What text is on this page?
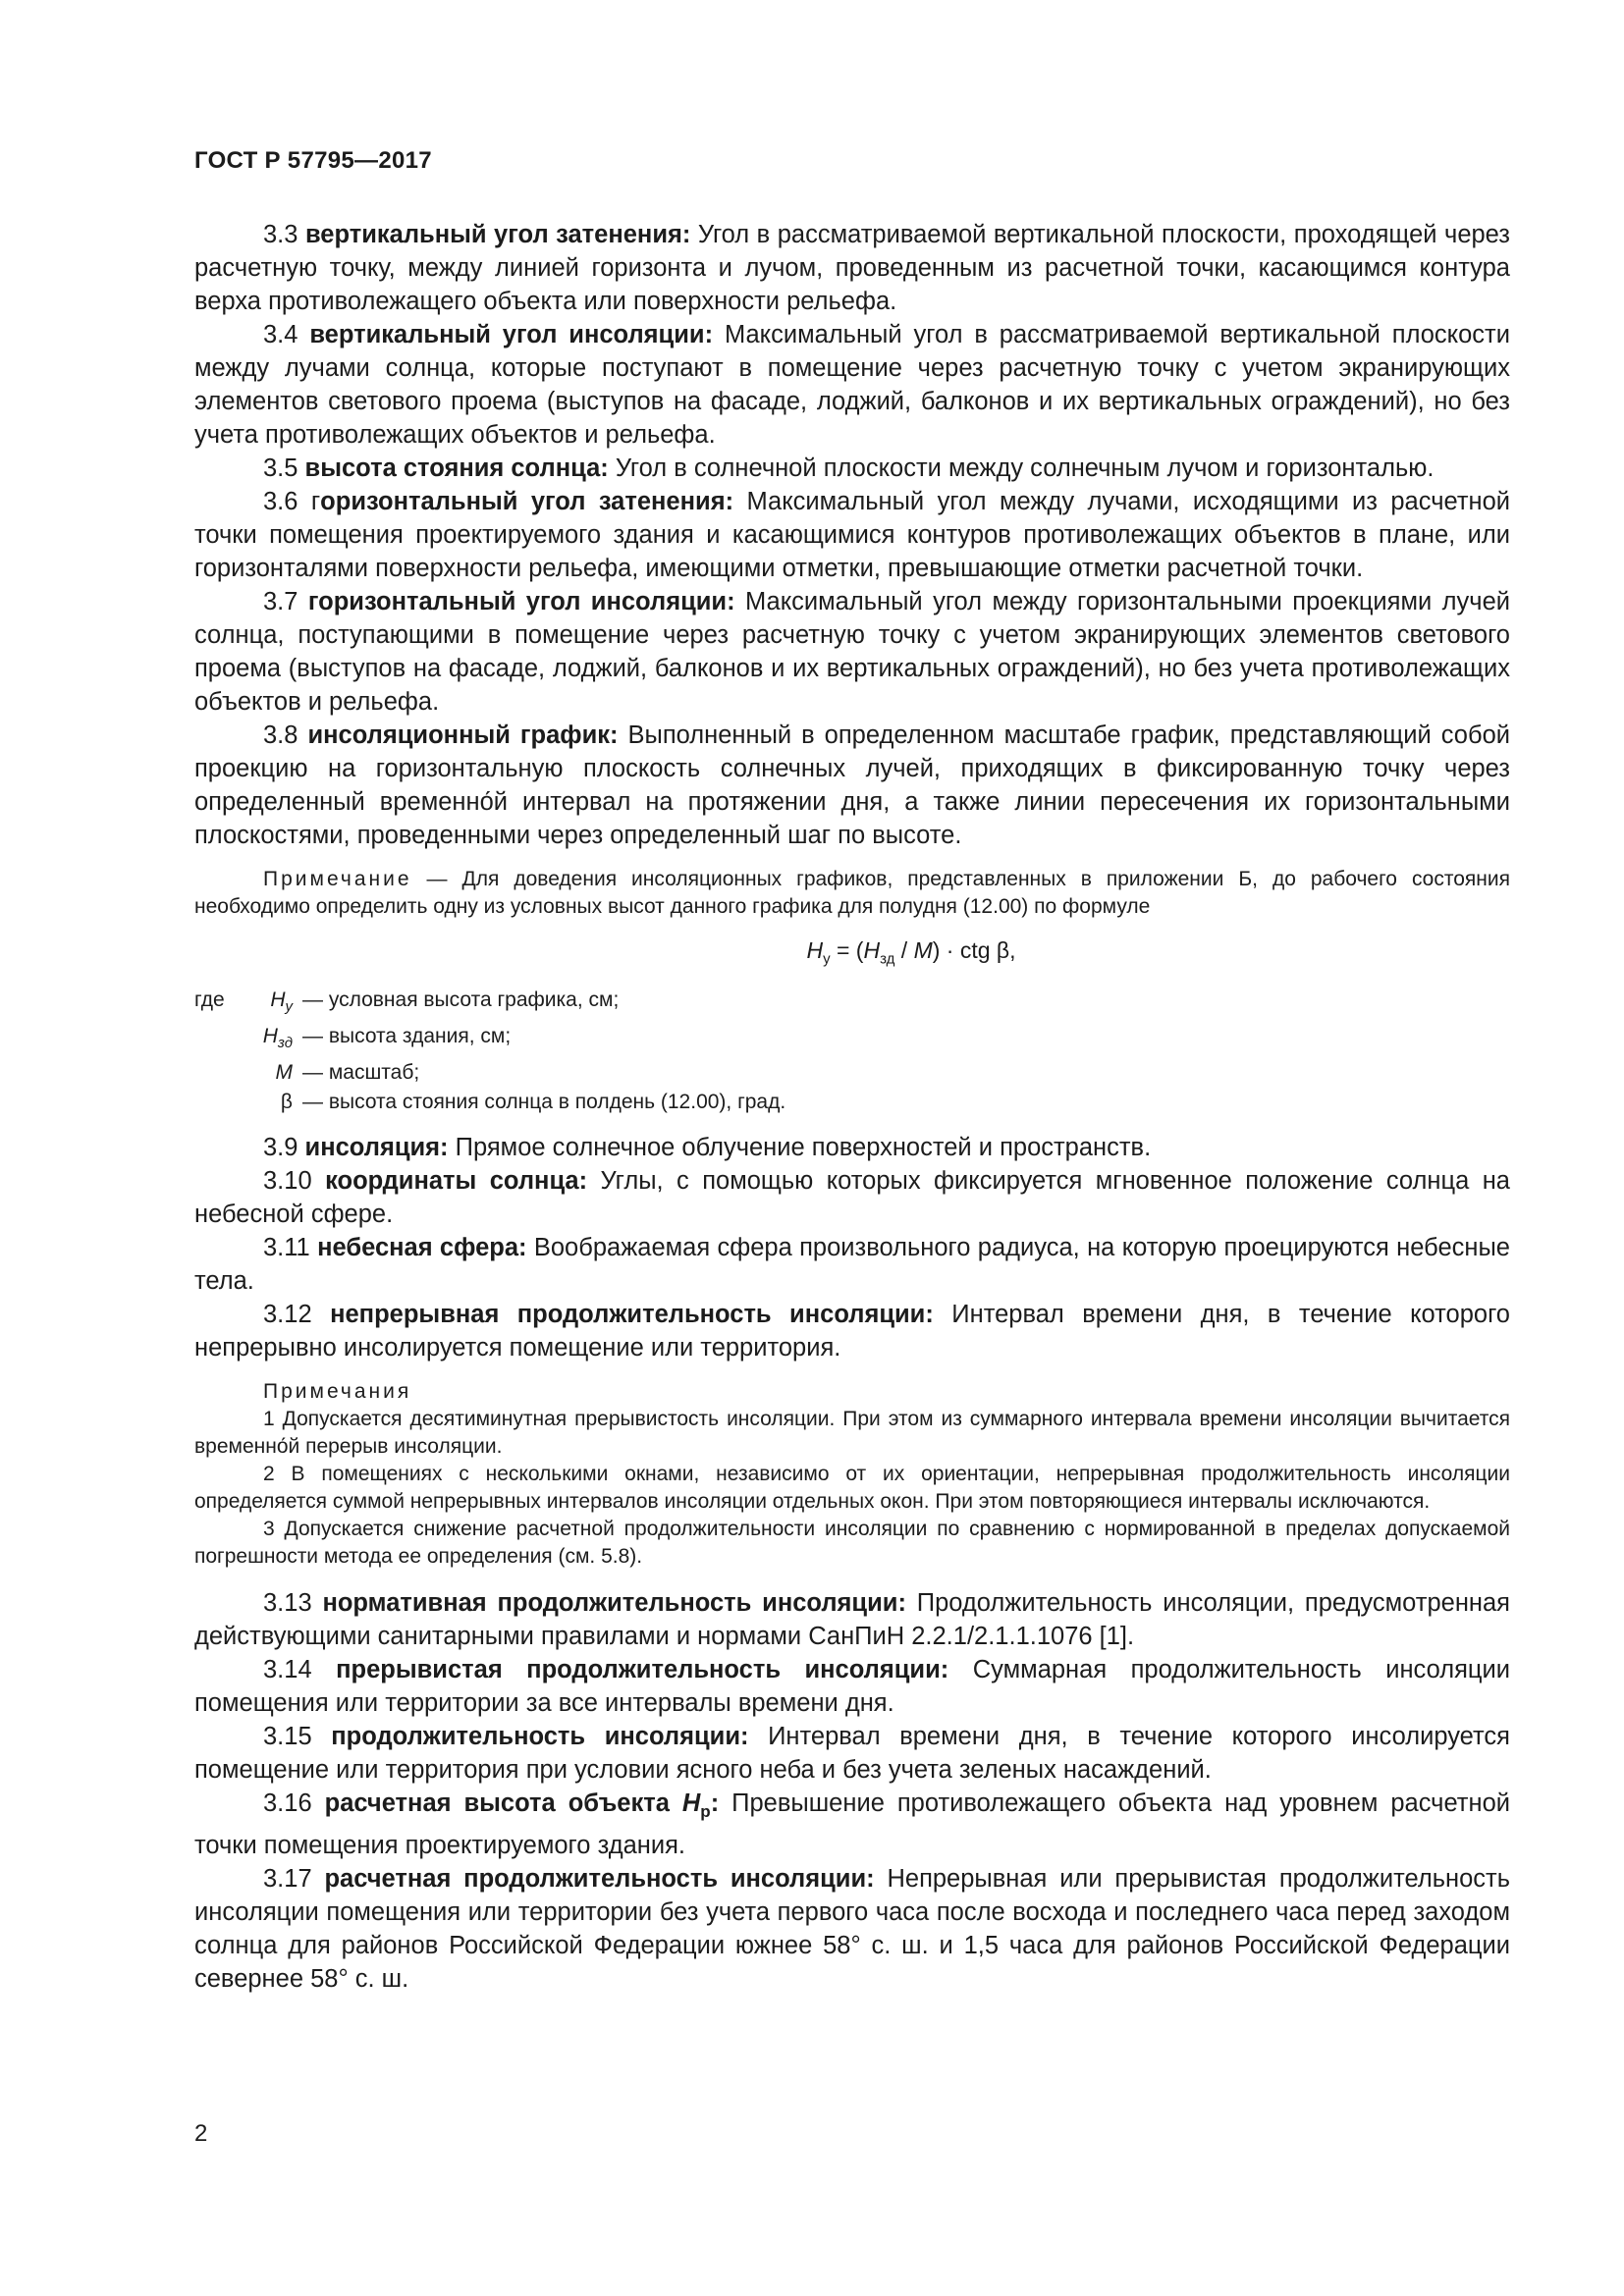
ГОСТ Р 57795—2017

3.3 вертикальный угол затенения: Угол в рассматриваемой вертикальной плоскости, проходящей через расчетную точку, между линией горизонта и лучом, проведенным из расчетной точки, касающимся контура верха противолежащего объекта или поверхности рельефа.

3.4 вертикальный угол инсоляции: Максимальный угол в рассматриваемой вертикальной плоскости между лучами солнца, которые поступают в помещение через расчетную точку с учетом экранирующих элементов светового проема (выступов на фасаде, лоджий, балконов и их вертикальных ограждений), но без учета противолежащих объектов и рельефа.

3.5 высота стояния солнца: Угол в солнечной плоскости между солнечным лучом и горизонталью.

3.6 горизонтальный угол затенения: Максимальный угол между лучами, исходящими из расчетной точки помещения проектируемого здания и касающимися контуров противолежащих объектов в плане, или горизонталями поверхности рельефа, имеющими отметки, превышающие отметки расчетной точки.

3.7 горизонтальный угол инсоляции: Максимальный угол между горизонтальными проекциями лучей солнца, поступающими в помещение через расчетную точку с учетом экранирующих элементов светового проема (выступов на фасаде, лоджий, балконов и их вертикальных ограждений), но без учета противолежащих объектов и рельефа.

3.8 инсоляционный график: Выполненный в определенном масштабе график, представляющий собой проекцию на горизонтальную плоскость солнечных лучей, приходящих в фиксированную точку через определенный временно́й интервал на протяжении дня, а также линии пересечения их горизонтальными плоскостями, проведенными через определенный шаг по высоте.

Примечание — Для доведения инсоляционных графиков, представленных в приложении Б, до рабочего состояния необходимо определить одну из условных высот данного графика для полудня (12.00) по формуле

$H_у = (H_{зд} / M)$ · ctg β,
где	$H_у$ — условная высота графика, см;
$H_{зд}$ — высота здания, см;
M — масштаб;
β — высота стояния солнца в полдень (12.00), град.

3.9 инсоляция: Прямое солнечное облучение поверхностей и пространств.

3.10 координаты солнца: Углы, с помощью которых фиксируется мгновенное положение солнца на небесной сфере.

3.11 небесная сфера: Воображаемая сфера произвольного радиуса, на которую проецируются небесные тела.

3.12 непрерывная продолжительность инсоляции: Интервал времени дня, в течение которого непрерывно инсолируется помещение или территория.

Примечания

1 Допускается десятиминутная прерывистость инсоляции. При этом из суммарного интервала времени инсоляции вычитается временно́й перерыв инсоляции.

2 В помещениях с несколькими окнами, независимо от их ориентации, непрерывная продолжительность инсоляции определяется суммой непрерывных интервалов инсоляции отдельных окон. При этом повторяющиеся интервалы исключаются.

3 Допускается снижение расчетной продолжительности инсоляции по сравнению с нормированной в пределах допускаемой погрешности метода ее определения (см. 5.8).

3.13 нормативная продолжительность инсоляции: Продолжительность инсоляции, предусмотренная действующими санитарными правилами и нормами СанПиН 2.2.1/2.1.1.1076 [1].

3.14 прерывистая продолжительность инсоляции: Суммарная продолжительность инсоляции помещения или территории за все интервалы времени дня.

3.15 продолжительность инсоляции: Интервал времени дня, в течение которого инсолируется помещение или территория при условии ясного неба и без учета зеленых насаждений.

3.16 расчетная высота объекта $H_р$: Превышение противолежащего объекта над уровнем расчетной точки помещения проектируемого здания.

3.17 расчетная продолжительность инсоляции: Непрерывная или прерывистая продолжительность инсоляции помещения или территории без учета первого часа после восхода и последнего часа перед заходом солнца для районов Российской Федерации южнее 58° с. ш. и 1,5 часа для районов Российской Федерации севернее 58° с. ш.

2
